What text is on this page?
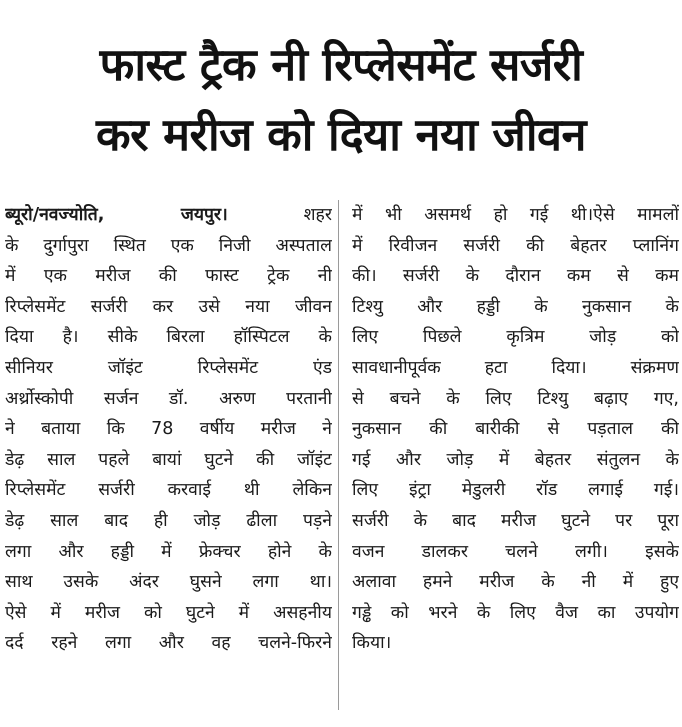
फास्ट ट्रैक नी रिप्लेसमेंट सर्जरी
कर मरीज को दिया नया जीवन
ब्यूरो/नवज्योति, जयपुर। शहर
के दुर्गापुरा स्थित एक निजी अस्पताल
में एक मरीज की फास्ट ट्रेक नी
रिप्लेसमेंट सर्जरी कर उसे नया जीवन
दिया है। सीके बिरला हॉस्पिटल के
सीनियर जॉइंट रिप्लेसमेंट एंड
अर्थ्रोस्कोपी सर्जन डॉ. अरुण परतानी
ने बताया कि 78 वर्षीय मरीज ने
डेढ़ साल पहले बायां घुटने की जॉइंट
रिप्लेसमेंट सर्जरी करवाई थी लेकिन
डेढ़ साल बाद ही जोड़ ढीला पड़ने
लगा और हड्डी में फ्रेक्चर होने के
साथ उसके अंदर घुसने लगा था।
ऐसे में मरीज को घुटने में असहनीय
दर्द रहने लगा और वह चलने-फिरने
में भी असमर्थ हो गई थी।ऐसे मामलों
में रिवीजन सर्जरी की बेहतर प्लानिंग
की। सर्जरी के दौरान कम से कम
टिश्यु और हड्डी के नुकसान के
लिए पिछले कृत्रिम जोड़ को
सावधानीपूर्वक हटा दिया। संक्रमण
से बचने के लिए टिश्यु बढ़ाए गए,
नुकसान की बारीकी से पड़ताल की
गई और जोड़ में बेहतर संतुलन के
लिए इंट्रा मेडुलरी रॉड लगाई गई।
सर्जरी के बाद मरीज घुटने पर पूरा
वजन डालकर चलने लगी। इसके
अलावा हमने मरीज के नी में हुए
गड्ढे को भरने के लिए वैज का उपयोग
किया।
